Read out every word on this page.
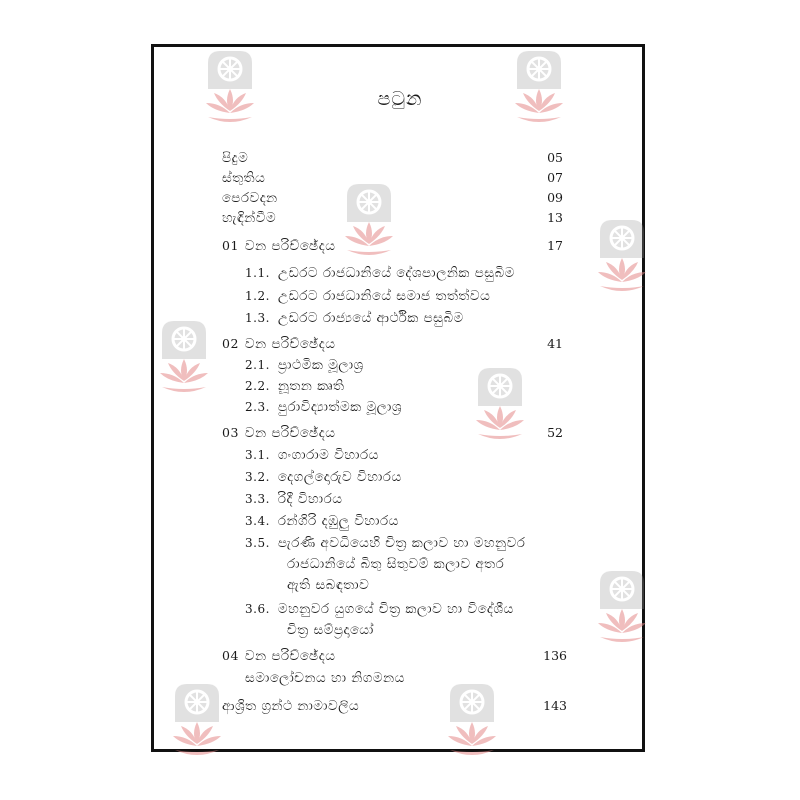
පටුන
පිදුම	05
ස්තුතිය	07
පෙරවදන	09
හැඳින්වීම	13
01 වන පරිච්ඡේදය	17
1.1. උඩරට රාජධානියේ දේශපාලනික පසුබිම
1.2. උඩරට රාජධානියේ සමාජ තත්ත්වය
1.3. උඩරට රාජ්‍යයේ ආර්ථික පසුබිම
02 වන පරිච්ඡේදය	41
2.1. ප්‍රාථමික මූලාශ්‍ර
2.2. නූතන කෘති
2.3. පුරාවිද්‍යාත්මක මූලාශ්‍ර
03 වන පරිච්ඡේදය	52
3.1. ගංගාරාම විහාරය
3.2. දෙගල්දොරුව විහාරය
3.3. රිදී විහාරය
3.4. රන්ගිරි දඹුලු විහාරය
3.5. පැරණි අවධියෙහි චිත්‍ර කලාව හා මහනුවර
රාජධානියේ බිතු සිතුවම් කලාව අතර
ඇති සබඳතාව
3.6. මහනුවර යුගයේ චිත්‍ර කලාව හා විදේශීය
චිත්‍ර සම්ප්‍රදායෝ
04 වන පරිච්ඡේදය	136
සමාලෝචනය හා නිගමනය
ආශ්‍රිත ග්‍රන්ථ නාමාවලිය	143
